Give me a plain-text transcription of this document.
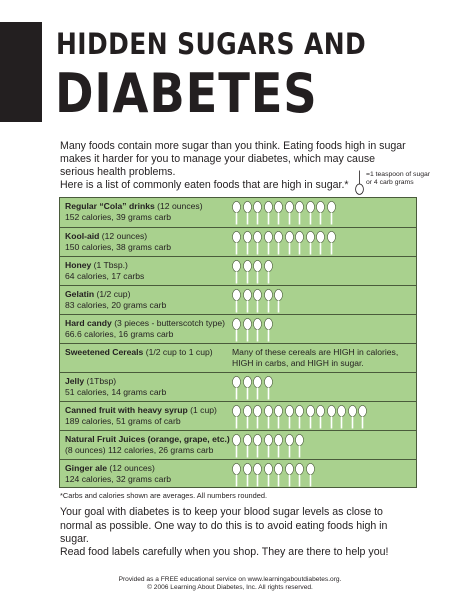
HIDDEN SUGARS AND
DIABETES
Many foods contain more sugar than you think. Eating foods high in sugar makes it harder for you to manage your diabetes, which may cause serious health problems.
Here is a list of commonly eaten foods that are high in sugar.*
=1 teaspoon of sugar or 4 carb grams
Regular “Cola” drinks (12 ounces)
152 calories, 39 grams carb
Kool-aid (12 ounces)
150 calories, 38 grams carb
Honey (1 Tbsp.)
64 calories, 17 carbs
Gelatin (1/2 cup)
83 calories, 20 grams carb
Hard candy (3 pieces - butterscotch type)
66.6 calories, 16 grams carb
Sweetened Cereals (1/2 cup to 1 cup) Many of these cereals are HIGH in calories, HIGH in carbs, and HIGH in sugar.
Jelly (1Tbsp)
51 calories, 14 grams carb
Canned fruit with heavy syrup (1 cup)
189 calories, 51 grams of carb
Natural Fruit Juices (orange, grape, etc.)
(8 ounces) 112 calories, 26 grams carb
Ginger ale (12 ounces)
124 calories, 32 grams carb
*Carbs and calories shown are averages. All numbers rounded.
Your goal with diabetes is to keep your blood sugar levels as close to normal as possible. One way to do this is to avoid eating foods high in sugar.
Read food labels carefully when you shop. They are there to help you!
Provided as a FREE educational service on www.learningaboutdiabetes.org.
© 2006 Learning About Diabetes, Inc. All rights reserved.
